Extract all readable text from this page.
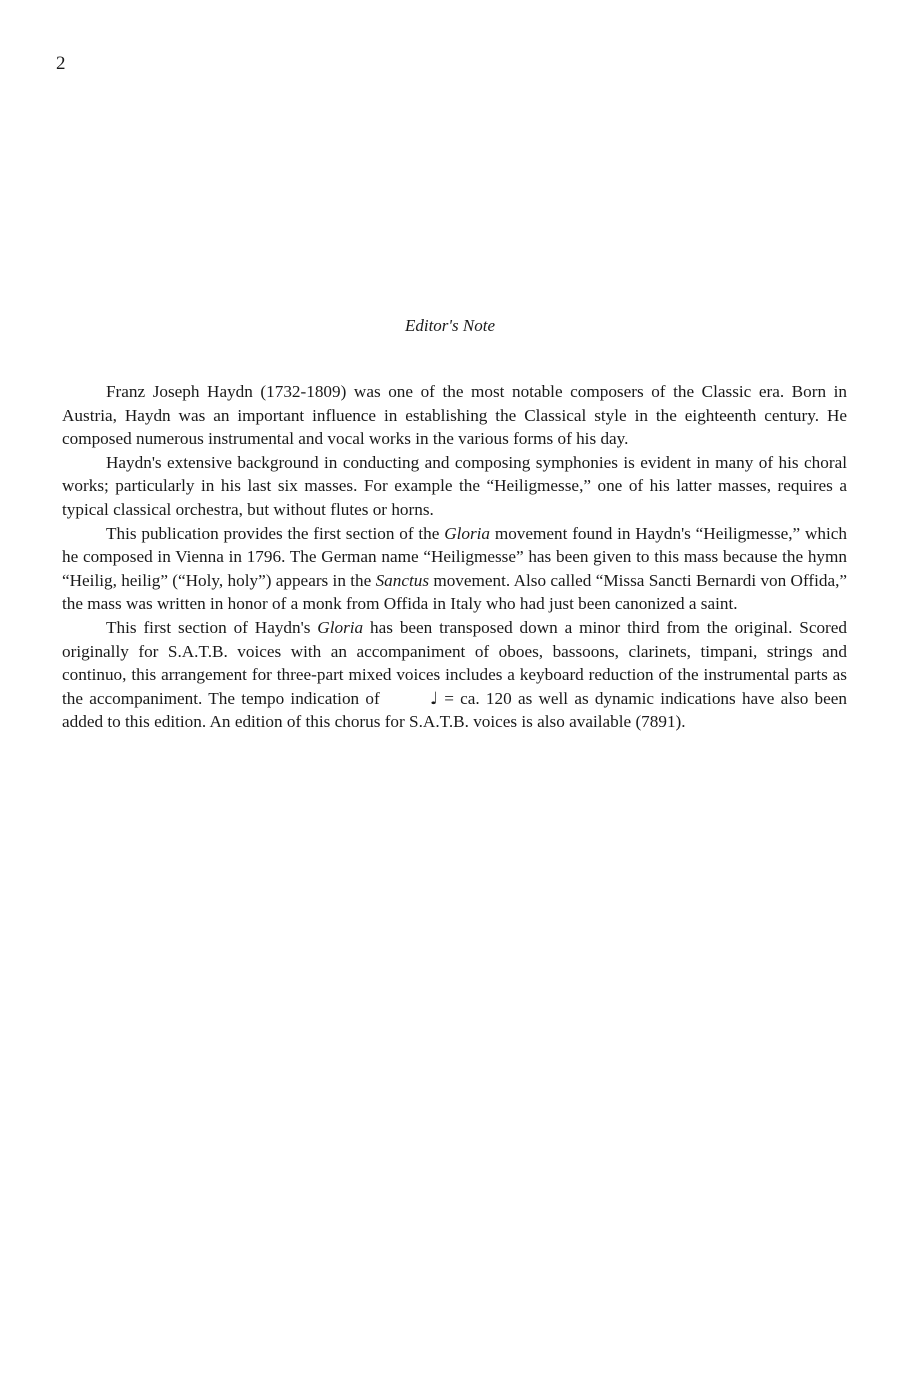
2
Editor's Note

Franz Joseph Haydn (1732-1809) was one of the most notable composers of the Classic era. Born in Austria, Haydn was an important influence in establishing the Classical style in the eighteenth century. He composed numerous instrumental and vocal works in the various forms of his day.

Haydn's extensive background in conducting and composing symphonies is evident in many of his choral works; particularly in his last six masses. For example the “Heiligmesse,” one of his latter masses, requires a typical classical orchestra, but without flutes or horns.

This publication provides the first section of the Gloria movement found in Haydn's “Heiligmesse,” which he composed in Vienna in 1796. The German name “Heiligmesse” has been given to this mass because the hymn “Heilig, heilig” (“Holy, holy”) appears in the Sanctus movement. Also called “Missa Sancti Bernardi von Offida,” the mass was written in honor of a monk from Offida in Italy who had just been canonized a saint.

This first section of Haydn's Gloria has been transposed down a minor third from the original. Scored originally for S.A.T.B. voices with an accompaniment of oboes, bassoons, clarinets, timpani, strings and continuo, this arrangement for three-part mixed voices includes a keyboard reduction of the instrumental parts as the accompaniment. The tempo indication of	♩ = ca. 120 as well as dynamic indications have also been added to this edition. An edition of this chorus for S.A.T.B. voices is also available (7891).
